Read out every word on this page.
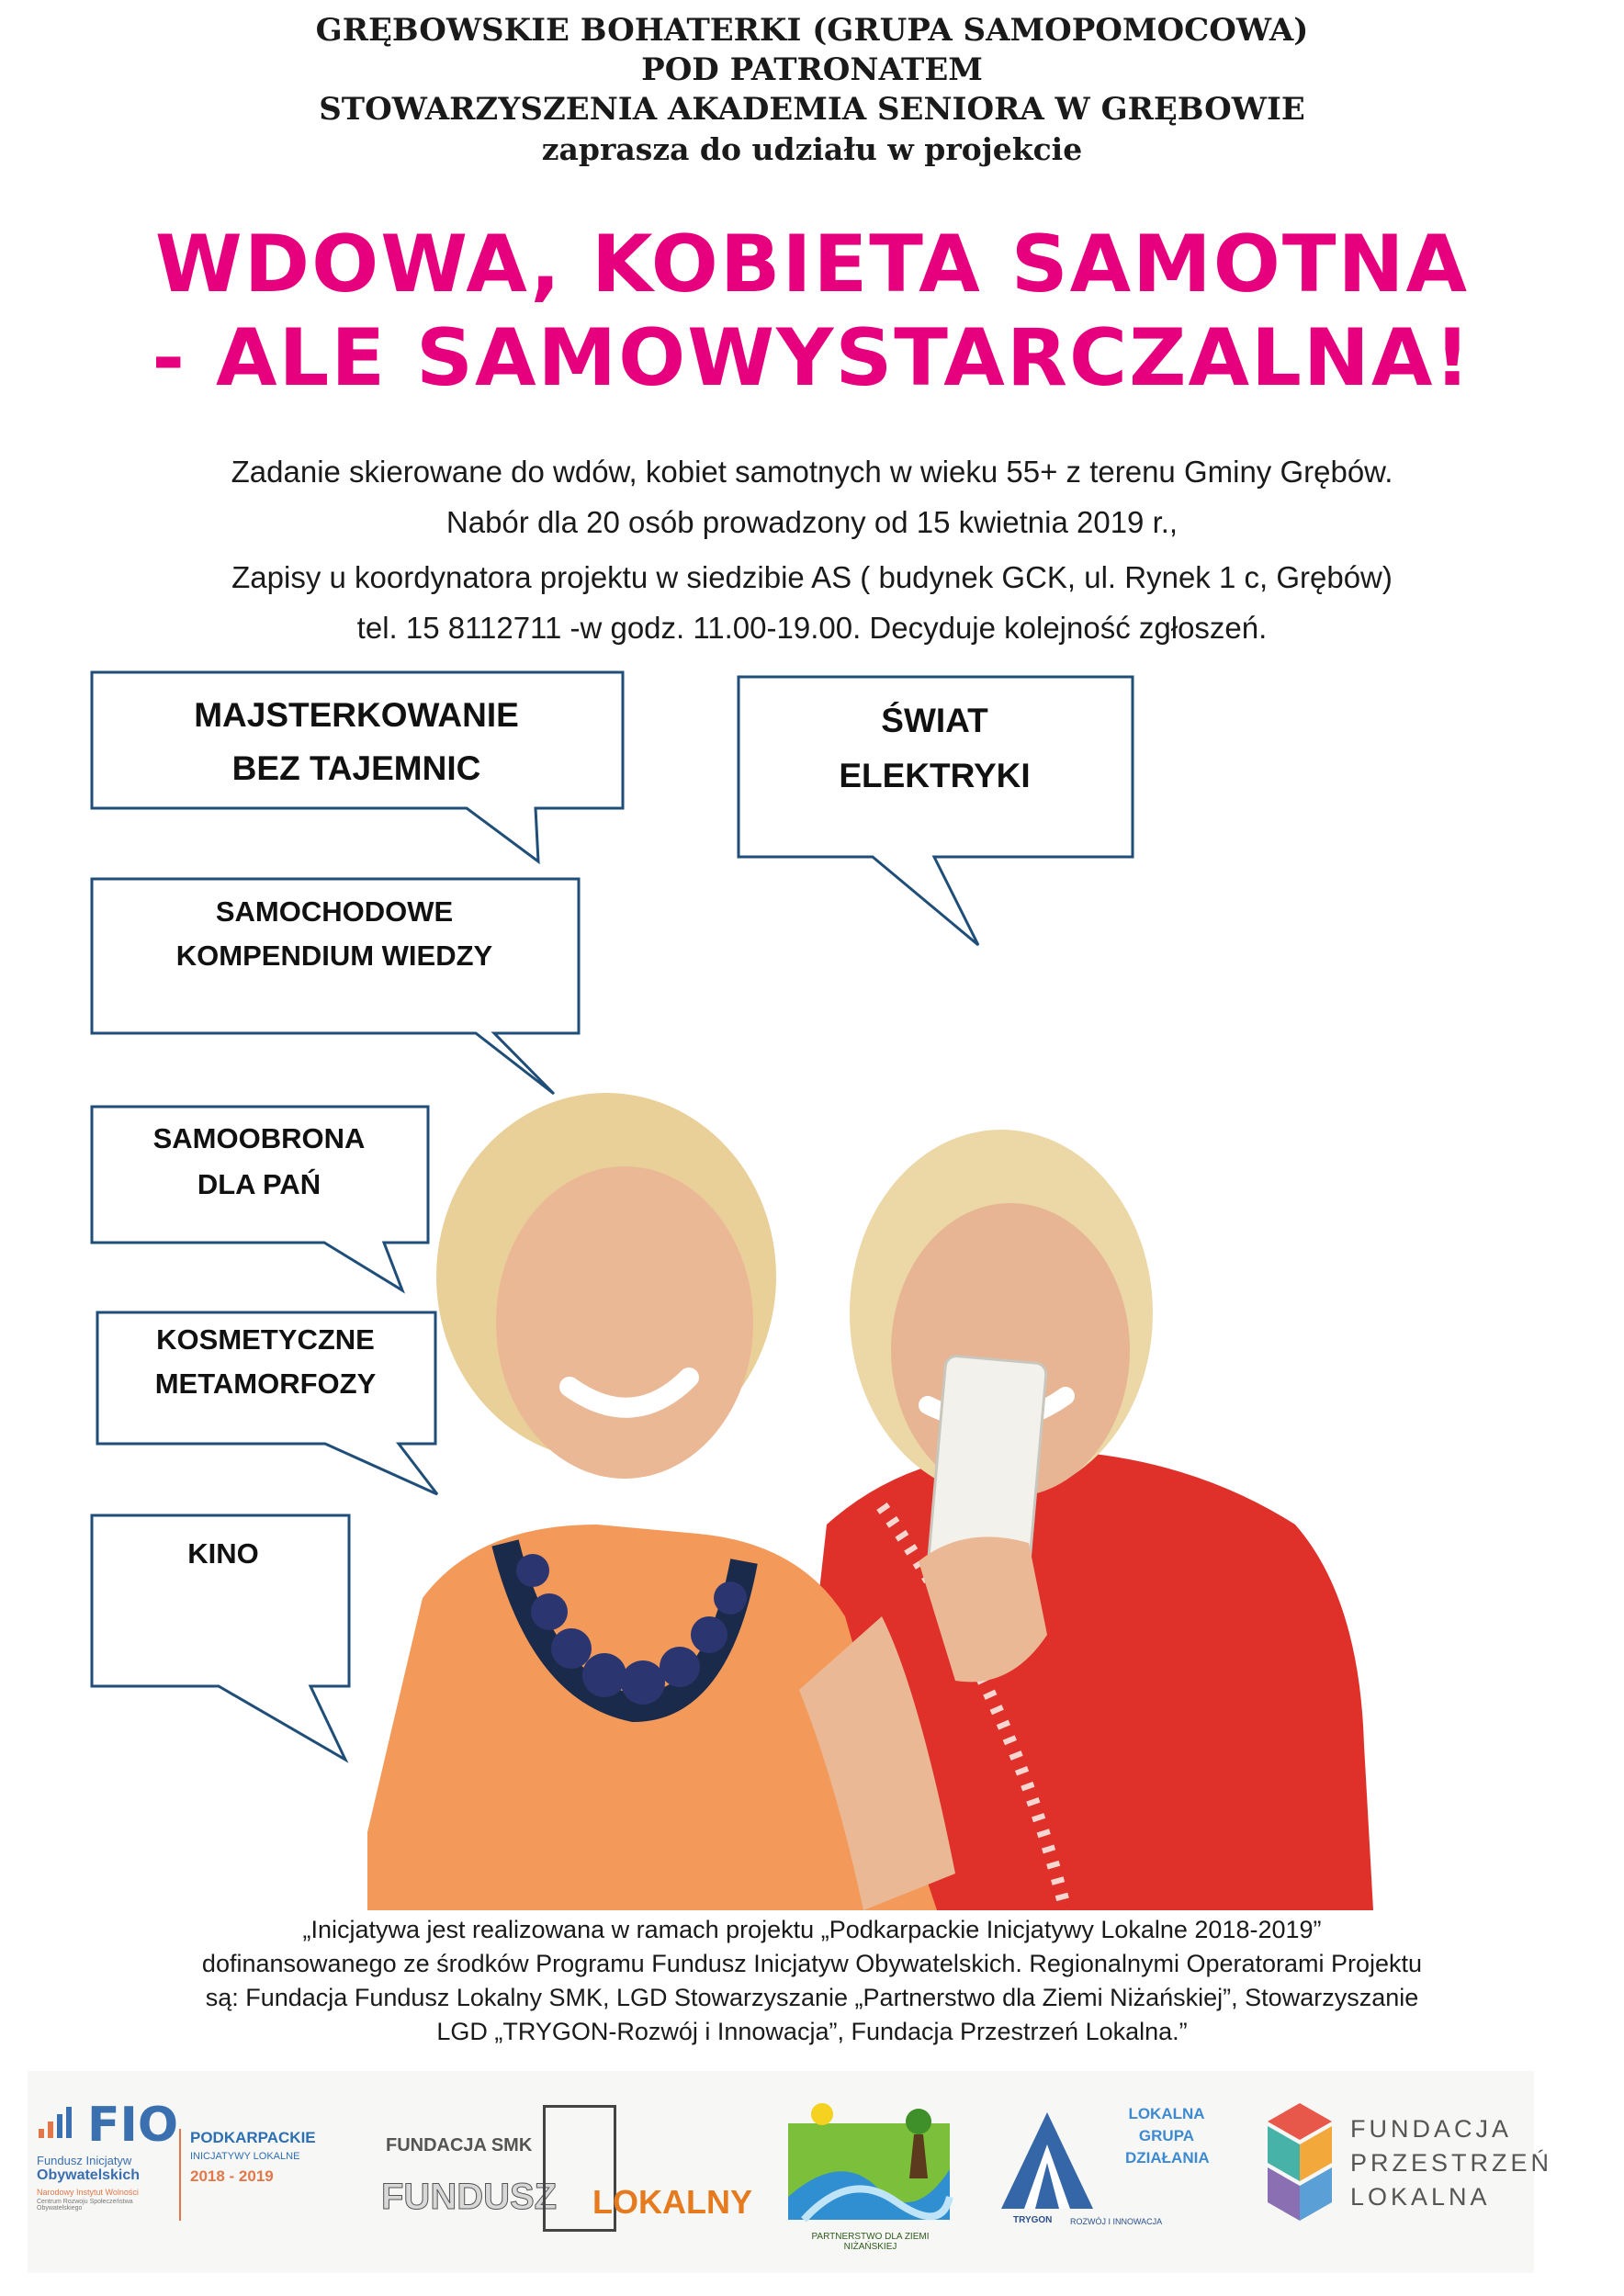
GRĘBOWSKIE BOHATERKI (GRUPA SAMOPOMOCOWA)
POD PATRONATEM
STOWARZYSZENIA AKADEMIA SENIORA W GRĘBOWIE
zaprasza do udziału w projekcie
WDOWA, KOBIETA SAMOTNA
- ALE SAMOWYSTARCZALNA!
Zadanie skierowane do wdów, kobiet samotnych w wieku 55+ z terenu Gminy Grębów.
Nabór dla 20 osób prowadzony od 15 kwietnia 2019 r.,
Zapisy u koordynatora projektu w siedzibie AS ( budynek GCK, ul. Rynek 1 c, Grębów)
tel. 15 8112711 -w godz. 11.00-19.00. Decyduje kolejność zgłoszeń.
MAJSTERKOWANIE
BEZ TAJEMNIC
ŚWIAT
ELEKTRYKI
SAMOCHODOWE
KOMPENDIUM WIEDZY
SAMOOBRONA
DLA PAŃ
KOSMETYCZNE
METAMORFOZY
KINO
„Inicjatywa jest realizowana w ramach projektu „Podkarpackie Inicjatywy Lokalne 2018-2019”
dofinansowanego ze środków Programu Fundusz Inicjatyw Obywatelskich. Regionalnymi Operatorami Projektu
są: Fundacja Fundusz Lokalny SMK, LGD Stowarzyszanie „Partnerstwo dla Ziemi Niżańskiej”, Stowarzyszanie
LGD „TRYGON-Rozwój i Innowacja”, Fundacja Przestrzeń Lokalna.”
FIO
Fundusz Inicjatyw
Obywatelskich
Narodowy Instytut Wolności
Centrum Rozwoju Społeczeństwa Obywatelskiego
PODKARPACKIE
INICJATYWY LOKALNE
2018 - 2019
FUNDACJA SMK
FUNDUSZ LOKALNY
PARTNERSTWO DLA ZIEMI NIŻAŃSKIEJ
LOKALNA
GRUPA
DZIAŁANIA
TRYGON ROZWÓJ I INNOWACJA
FUNDACJA
PRZESTRZEŃ
LOKALNA
